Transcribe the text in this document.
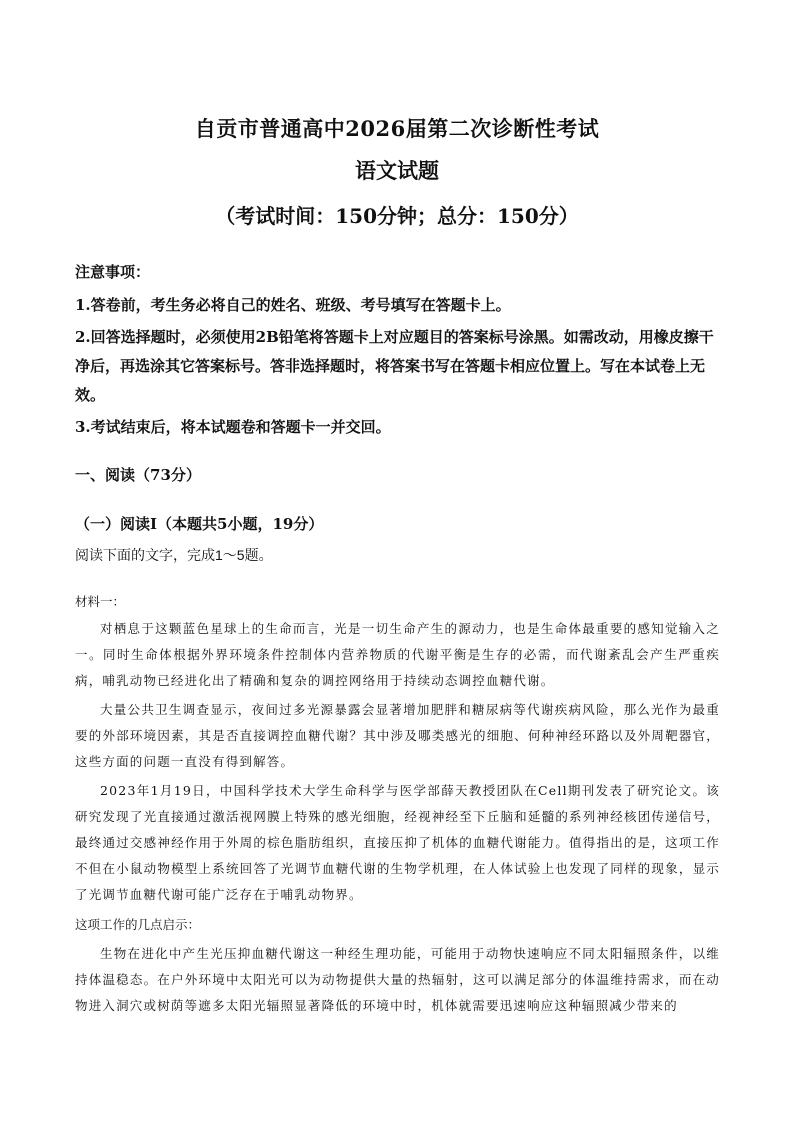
自贡市普通高中2026届第二次诊断性考试
语文试题
（考试时间：150分钟；总分：150分）

注意事项：

1.答卷前，考生务必将自己的姓名、班级、考号填写在答题卡上。

2.回答选择题时，必须使用2B铅笔将答题卡上对应题目的答案标号涂黑。如需改动，用橡皮擦干净后，再选涂其它答案标号。答非选择题时，将答案书写在答题卡相应位置上。写在本试卷上无效。

3.考试结束后，将本试题卷和答题卡一并交回。

一、阅读（73分）
（一）阅读Ⅰ（本题共5小题，19分）
阅读下面的文字，完成1～5题。
材料一：

对栖息于这颗蓝色星球上的生命而言，光是一切生命产生的源动力，也是生命体最重要的感知觉输入之一。同时生命体根据外界环境条件控制体内营养物质的代谢平衡是生存的必需，而代谢紊乱会产生严重疾病，哺乳动物已经进化出了精确和复杂的调控网络用于持续动态调控血糖代谢。

大量公共卫生调查显示，夜间过多光源暴露会显著增加肥胖和糖尿病等代谢疾病风险，那么光作为最重要的外部环境因素，其是否直接调控血糖代谢？其中涉及哪类感光的细胞、何种神经环路以及外周靶器官，这些方面的问题一直没有得到解答。

2023年1月19日，中国科学技术大学生命科学与医学部薛天教授团队在Cell期刊发表了研究论文。该研究发现了光直接通过激活视网膜上特殊的感光细胞，经视神经至下丘脑和延髓的系列神经核团传递信号，最终通过交感神经作用于外周的棕色脂肪组织，直接压抑了机体的血糖代谢能力。值得指出的是，这项工作不但在小鼠动物模型上系统回答了光调节血糖代谢的生物学机理，在人体试验上也发现了同样的现象，显示了光调节血糖代谢可能广泛存在于哺乳动物界。

这项工作的几点启示：

生物在进化中产生光压抑血糖代谢这一种经生理功能，可能用于动物快速响应不同太阳辐照条件，以维持体温稳态。在户外环境中太阳光可以为动物提供大量的热辐射，这可以满足部分的体温维持需求，而在动物进入洞穴或树荫等遮多太阳光辐照显著降低的环境中时，机体就需要迅速响应这种辐照减少带来的
